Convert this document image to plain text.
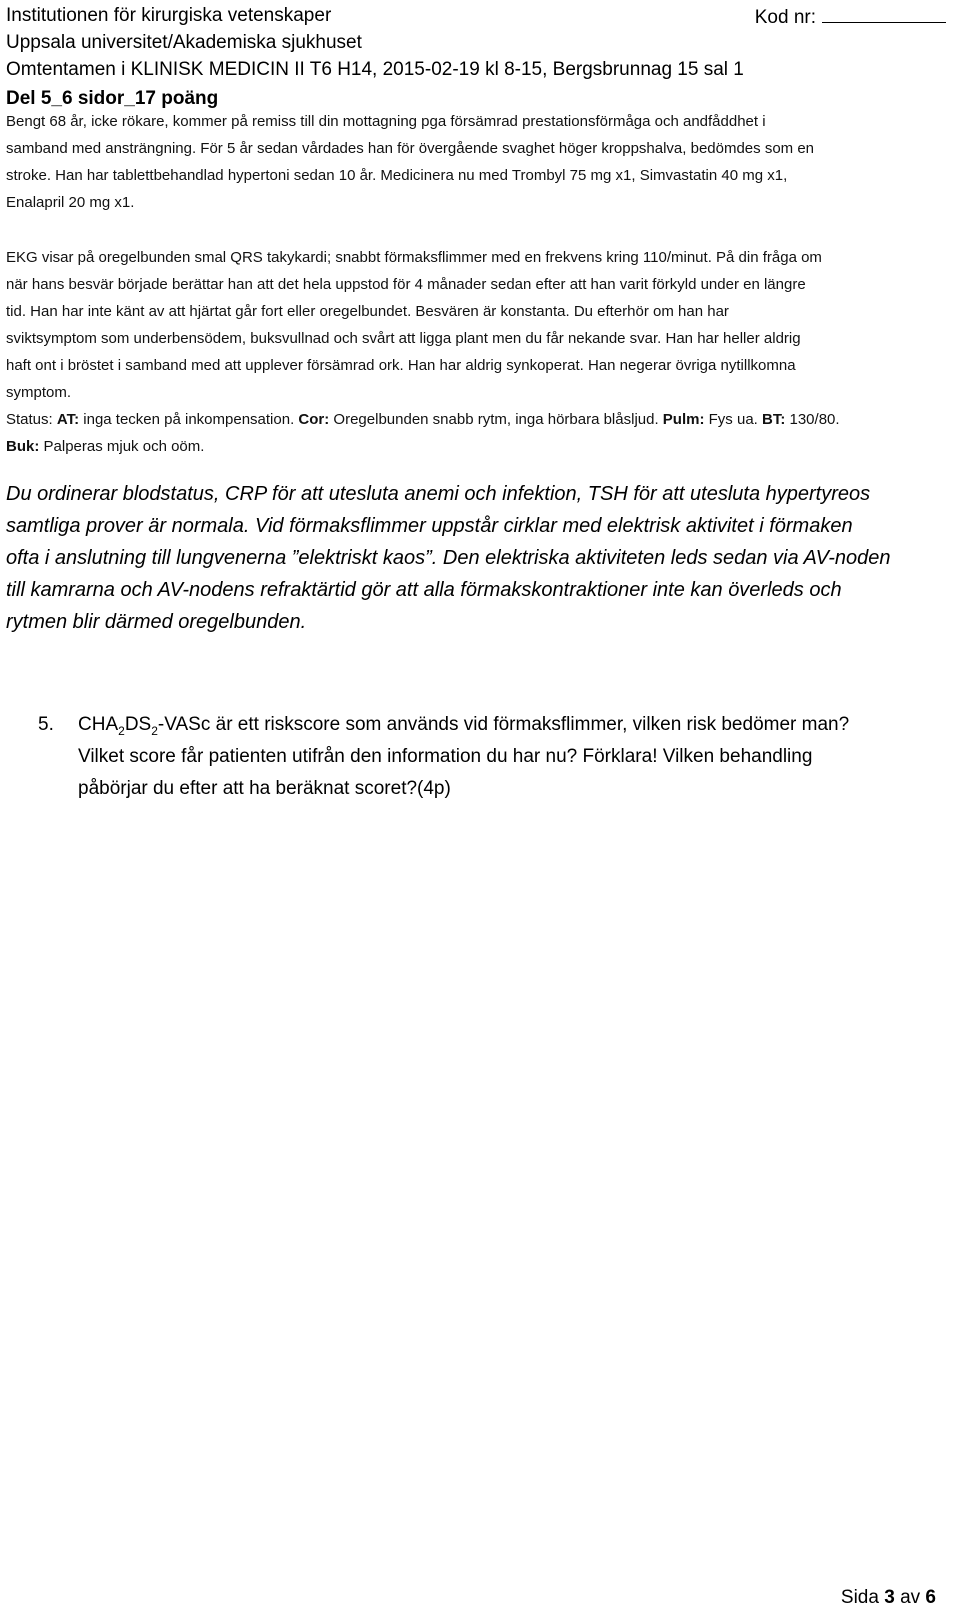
Institutionen för kirurgiska vetenskaper	Kod nr:
Uppsala universitet/Akademiska sjukhuset
Omtentamen i KLINISK MEDICIN II T6 H14, 2015-02-19 kl 8-15, Bergsbrunnag 15 sal 1
Del 5_6 sidor_17 poäng
Bengt 68 år, icke rökare, kommer på remiss till din mottagning pga försämrad prestationsförmåga och andfåddhet i
samband med ansträngning. För 5 år sedan vårdades han för övergående svaghet höger kroppshalva, bedömdes som en
stroke. Han har tablettbehandlad hypertoni sedan 10 år. Medicinera nu med Trombyl 75 mg x1, Simvastatin 40 mg x1,
Enalapril 20 mg x1.
EKG visar på oregelbunden smal QRS takykardi; snabbt förmaksflimmer med en frekvens kring 110/minut. På din fråga om
när hans besvär började berättar han att det hela uppstod för 4 månader sedan efter att han varit förkyld under en längre
tid. Han har inte känt av att hjärtat går fort eller oregelbundet. Besvären är konstanta. Du efterhör om han har
sviktsymptom som underbensödem, buksvullnad och svårt att ligga plant men du får nekande svar. Han har heller aldrig
haft ont i bröstet i samband med att upplever försämrad ork. Han har aldrig synkoperat. Han negerar övriga nytillkomna
symptom.
Status: AT: inga tecken på inkompensation. Cor: Oregelbunden snabb rytm, inga hörbara blåsljud. Pulm: Fys ua. BT: 130/80.
Buk: Palperas mjuk och oöm.
Du ordinerar blodstatus, CRP för att utesluta anemi och infektion, TSH för att utesluta hypertyreos
samtliga prover är normala. Vid förmaksflimmer uppstår cirklar med elektrisk aktivitet i förmaken
ofta i anslutning till lungvenerna ”elektriskt kaos”. Den elektriska aktiviteten leds sedan via AV-noden
till kamrarna och AV-nodens refraktärtid gör att alla förmakskontraktioner inte kan överleds och
rytmen blir därmed oregelbunden.
5. $CHA_2DS_2$-VASc är ett riskscore som används vid förmaksflimmer, vilken risk bedömer man?
Vilket score får patienten utifrån den information du har nu? Förklara! Vilken behandling
påbörjar du efter att ha beräknat scoret?(4p)
Sida 3 av 6
